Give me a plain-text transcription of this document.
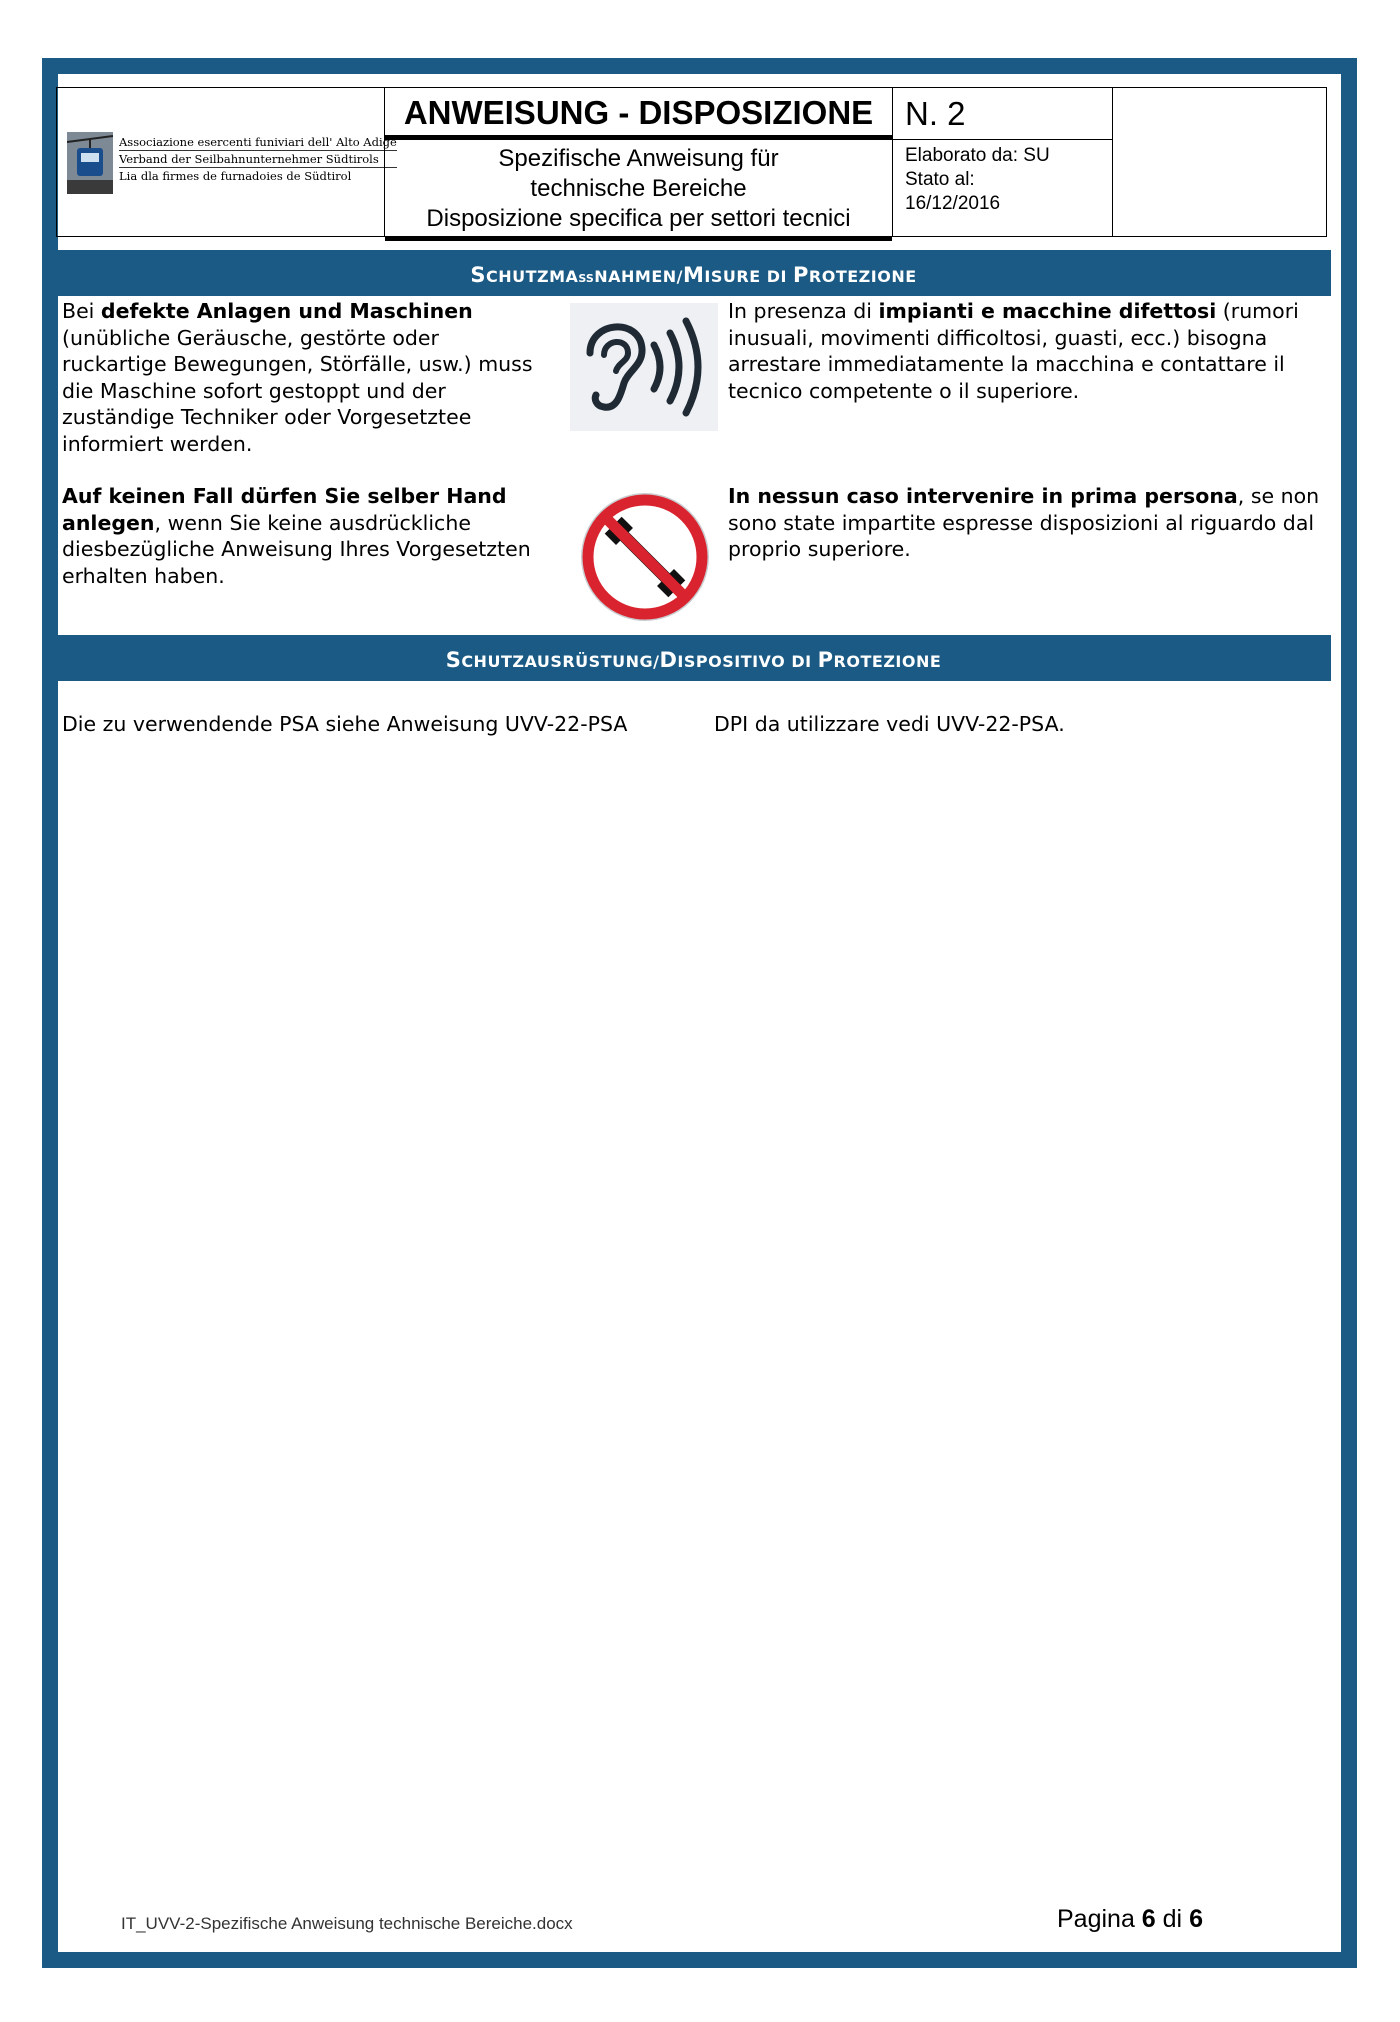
Associazione esercenti funiviari dell' Alto Adige
Verband der Seilbahnunternehmer Südtirols
Lia dla firmes de furnadoies de Südtirol
ANWEISUNG - DISPOSIZIONE
Spezifische Anweisung für
technische Bereiche
Disposizione specifica per settori tecnici
N. 2
Elaborato da: SU
Stato al:
16/12/2016
SCHUTZMAßNAHMEN/MISURE DI PROTEZIONE
Bei defekte Anlagen und Maschinen (unübliche Geräusche, gestörte oder ruckartige Bewegungen, Störfälle, usw.) muss die Maschine sofort gestoppt und der zuständige Techniker oder Vorgesetztee informiert werden.
In presenza di impianti e macchine difettosi (rumori inusuali, movimenti difficoltosi, guasti, ecc.) bisogna arrestare immediatamente la macchina e contattare il tecnico competente o il superiore.
Auf keinen Fall dürfen Sie selber Hand anlegen, wenn Sie keine ausdrückliche diesbezügliche Anweisung Ihres Vorgesetzten erhalten haben.
In nessun caso intervenire in prima persona, se non sono state impartite espresse disposizioni al riguardo dal proprio superiore.
SCHUTZAUSRÜSTUNG/DISPOSITIVO DI PROTEZIONE
Die zu verwendende PSA siehe Anweisung UVV-22-PSA	DPI da utilizzare vedi UVV-22-PSA.
IT_UVV-2-Spezifische Anweisung technische Bereiche.docx	Pagina 6 di 6
